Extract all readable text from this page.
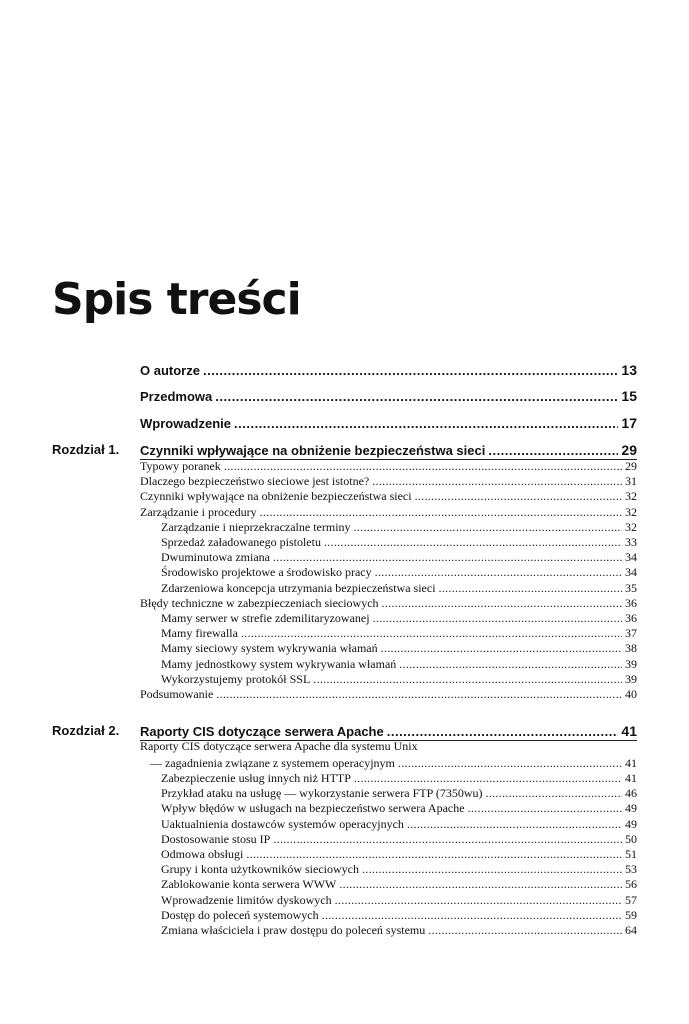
Spis treści
O autorze .....	13
Przedmowa .....	15
Wprowadzenie .....	17
Rozdział 1. Czynniki wpływające na obniżenie bezpieczeństwa sieci .....	29
Typowy poranek .....	29
Dlaczego bezpieczeństwo sieciowe jest istotne? .....	31
Czynniki wpływające na obniżenie bezpieczeństwa sieci .....	32
Zarządzanie i procedury .....	32
Zarządzanie i nieprzekraczalne terminy .....	32
Sprzedaż załadowanego pistoletu .....	33
Dwuminutowa zmiana .....	34
Środowisko projektowe a środowisko pracy .....	34
Zdarzeniowa koncepcja utrzymania bezpieczeństwa sieci .....	35
Błędy techniczne w zabezpieczeniach sieciowych .....	36
Mamy serwer w strefie zdemilitaryzowanej .....	36
Mamy firewalla .....	37
Mamy sieciowy system wykrywania włamań .....	38
Mamy jednostkowy system wykrywania włamań .....	39
Wykorzystujemy protokół SSL .....	39
Podsumowanie .....	40
Rozdział 2. Raporty CIS dotyczące serwera Apache .....	41
Raporty CIS dotyczące serwera Apache dla systemu Unix
— zagadnienia związane z systemem operacyjnym .....	41
Zabezpieczenie usług innych niż HTTP .....	41
Przykład ataku na usługę — wykorzystanie serwera FTP (7350wu) .....	46
Wpływ błędów w usługach na bezpieczeństwo serwera Apache .....	49
Uaktualnienia dostawców systemów operacyjnych .....	49
Dostosowanie stosu IP .....	50
Odmowa obsługi .....	51
Grupy i konta użytkowników sieciowych .....	53
Zablokowanie konta serwera WWW .....	56
Wprowadzenie limitów dyskowych .....	57
Dostęp do poleceń systemowych .....	59
Zmiana właściciela i praw dostępu do poleceń systemu .....	64
